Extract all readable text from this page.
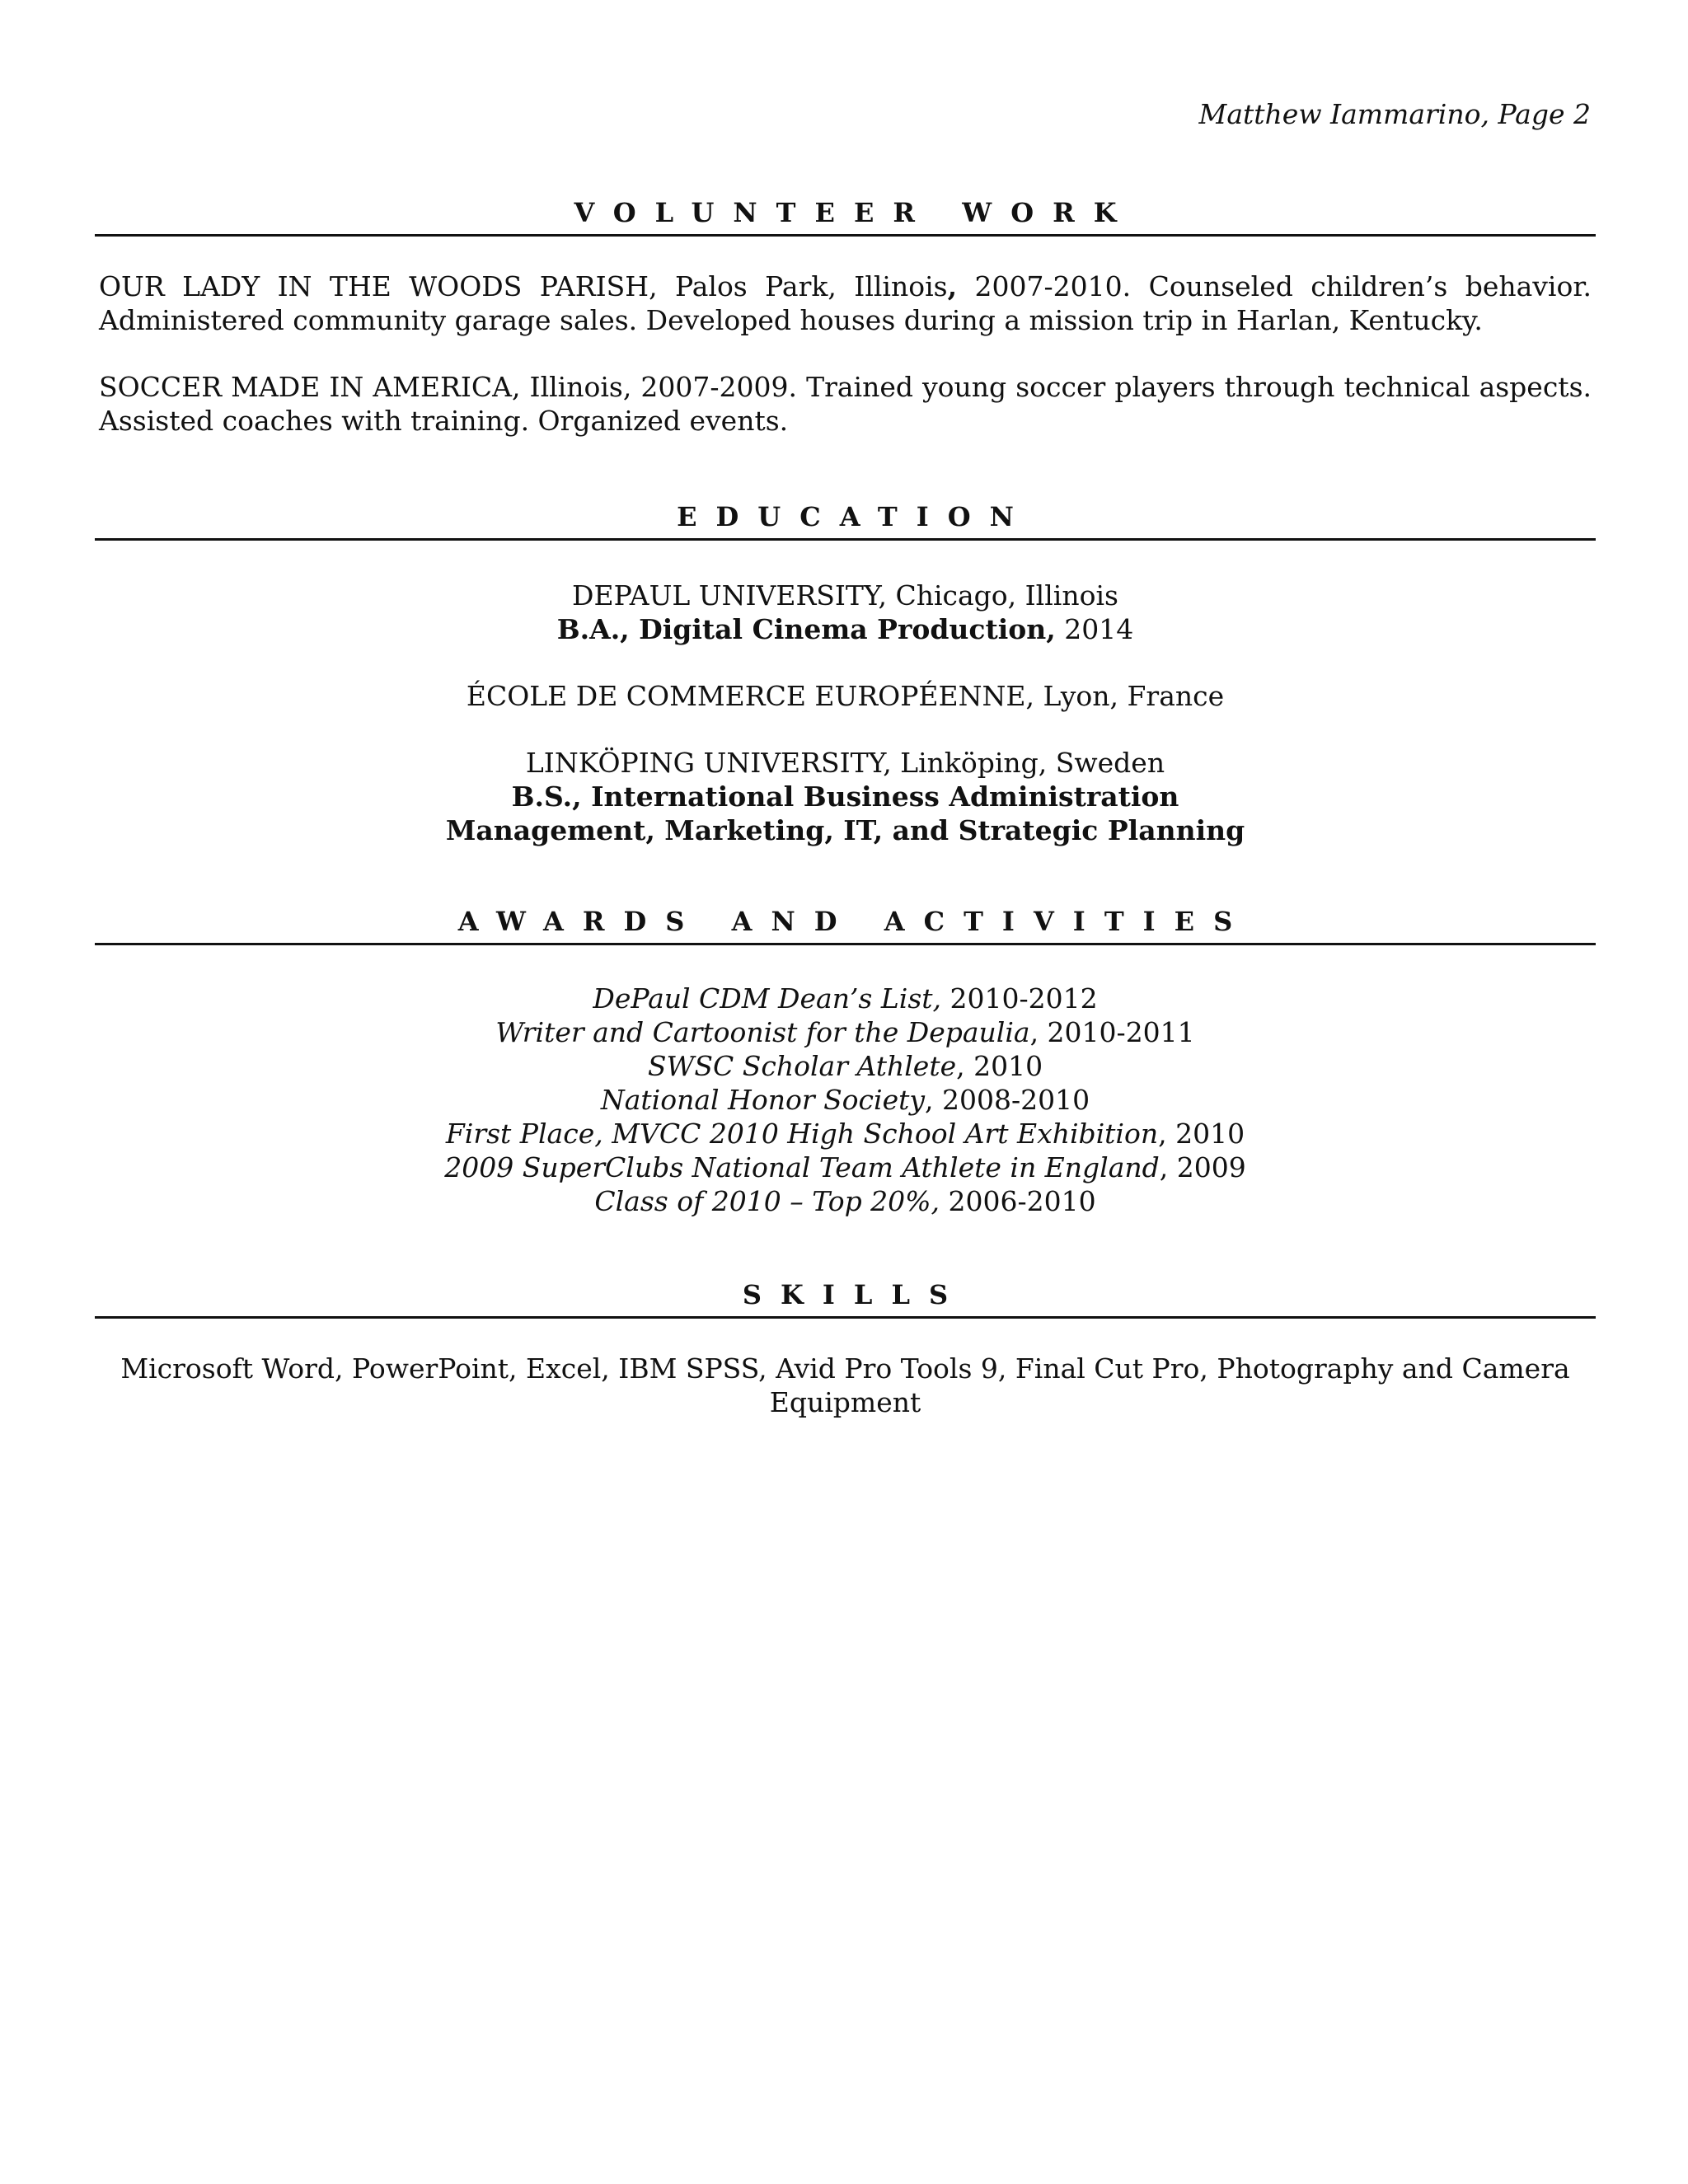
Matthew Iammarino, Page 2
VOLUNTEER WORK

OUR LADY IN THE WOODS PARISH, Palos Park, Illinois, 2007-2010. Counseled children’s behavior. Administered community garage sales. Developed houses during a mission trip in Harlan, Kentucky.

SOCCER MADE IN AMERICA, Illinois, 2007-2009. Trained young soccer players through technical aspects. Assisted coaches with training. Organized events.

EDUCATION
DEPAUL UNIVERSITY, Chicago, Illinois
B.A., Digital Cinema Production, 2014
ÉCOLE DE COMMERCE EUROPÉENNE, Lyon, France
LINKÖPING UNIVERSITY, Linköping, Sweden
B.S., International Business Administration
Management, Marketing, IT, and Strategic Planning
AWARDS AND ACTIVITIES
DePaul CDM Dean’s List, 2010-2012
Writer and Cartoonist for the Depaulia, 2010-2011
SWSC Scholar Athlete, 2010
National Honor Society, 2008-2010
First Place, MVCC 2010 High School Art Exhibition, 2010
2009 SuperClubs National Team Athlete in England, 2009
Class of 2010 – Top 20%, 2006-2010
SKILLS
Microsoft Word, PowerPoint, Excel, IBM SPSS, Avid Pro Tools 9, Final Cut Pro, Photography and Camera Equipment
